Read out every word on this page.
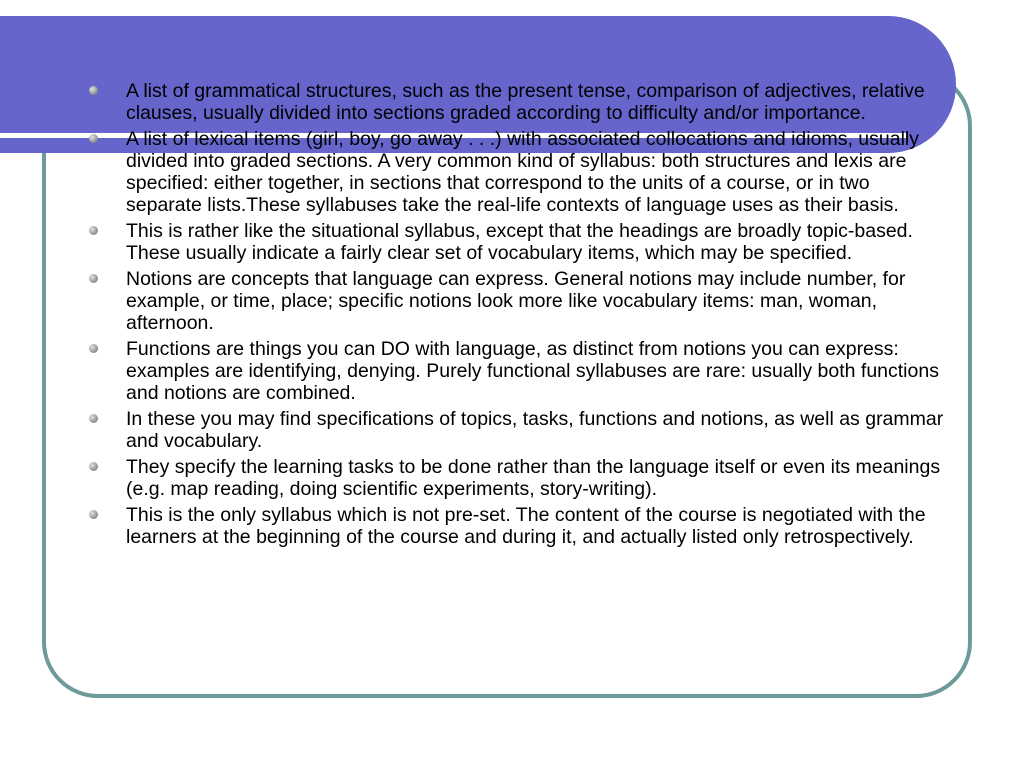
A list of grammatical structures, such as the present tense, comparison of adjectives, relative clauses, usually divided into sections graded according to difficulty and/or importance.
A list of lexical items (girl, boy, go away . . .) with associated collocations and idioms, usually divided into graded sections. A very common kind of syllabus: both structures and lexis are specified: either together, in sections that correspond to the units of a course, or in two separate lists.These syllabuses take the real-life contexts of language uses as their basis.
This is rather like the situational syllabus, except that the headings are broadly topic-based. These usually indicate a fairly clear set of vocabulary items, which may be specified.
Notions are concepts that language can express. General notions may include number, for example, or time, place; specific notions look more like vocabulary items: man, woman, afternoon.
Functions are things you can DO with language, as distinct from notions you can express: examples are identifying, denying. Purely functional syllabuses are rare: usually both functions and notions are combined.
In these you may find specifications of topics, tasks, functions and notions, as well as grammar and vocabulary.
They specify the learning tasks to be done rather than the language itself or even its meanings (e.g. map reading, doing scientific experiments, story-writing).
This is the only syllabus which is not pre-set. The content of the course is negotiated with the learners at the beginning of the course and during it, and actually listed only retrospectively.
